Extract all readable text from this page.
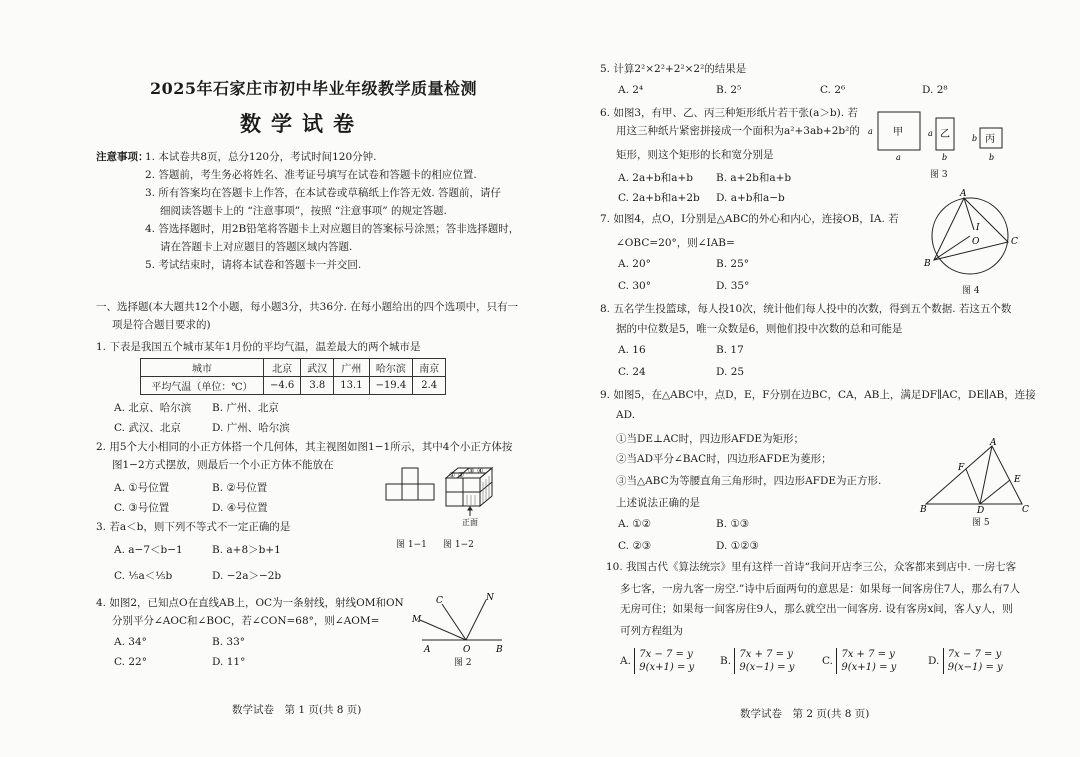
2025年石家庄市初中毕业年级教学质量检测
数学试卷
注意事项：
1. 本试卷共8页，总分120分，考试时间120分钟.
2. 答题前，考生务必将姓名、准考证号填写在试卷和答题卡的相应位置.
3. 所有答案均在答题卡上作答，在本试卷或草稿纸上作答无效. 答题前，请仔
细阅读答题卡上的 “注意事项”，按照 “注意事项” 的规定答题.
4. 答选择题时，用2B铅笔将答题卡上对应题目的答案标号涂黑；答非选择题时，
请在答题卡上对应题目的答题区域内答题.
5. 考试结束时，请将本试卷和答题卡一并交回.
一、选择题(本大题共12个小题，每小题3分，共36分. 在每小题给出的四个选项中，只有一
项是符合题目要求的)
1. 下表是我国五个城市某年1月份的平均气温，温差最大的两个城市是
城市	北京	武汉	广州	哈尔滨	南京
平均气温（单位：℃）	−4.6	3.8	13.1	−19.4	2.4
A. 北京、哈尔滨 B. 广州、北京
C. 武汉、北京	D. 广州、哈尔滨
2. 用5个大小相同的小正方体搭一个几何体，其主视图如图1−1所示，其中4个小正方体按
图1−2方式摆放，则最后一个小正方体不能放在
A. ①号位置	B. ②号位置
C. ③号位置	D. ④号位置
① ② ③ ④
正面
图 1−1 图 1−2
3. 若a＜b，则下列不等式不一定正确的是
A. a−7＜b−1	B. a+8＞b+1
C. ⅕a＜⅕b	D. −2a＞−2b
4. 如图2，已知点O在直线AB上，OC为一条射线，射线OM和ON
分别平分∠AOC和∠BOC，若∠CON=68°，则∠AOM=
A. 34°	B. 33°
C. 22°	D. 11°
C	N
M
A	O	B
图 2
数学试卷　第 1 页(共 8 页)
5. 计算2²×2²+2²×2²的结果是
A. 2⁴	B. 2⁵	C. 2⁶	D. 2⁸
6. 如图3，有甲、乙、丙三种矩形纸片若干张(a＞b). 若
用这三种纸片紧密拼接成一个面积为a²+3ab+2b²的
矩形，则这个矩形的长和宽分别是
A. 2a+b和a+b B. a+2b和a+b
C. 2a+b和a+2b D. a+b和a−b
甲	乙	丙
a
a
a
b
b
b
图 3
7. 如图4，点O，I分别是△ABC的外心和内心，连接OB，IA. 若
∠OBC=20°，则∠IAB=
A. 20°	B. 25°
C. 30°	D. 35°
A
I
O
B
C
图 4
8. 五名学生投篮球，每人投10次，统计他们每人投中的次数，得到五个数据. 若这五个数
据的中位数是5，唯一众数是6，则他们投中次数的总和可能是
A. 16	B. 17
C. 24	D. 25
9. 如图5，在△ABC中，点D，E，F分别在边BC，CA，AB上，满足DF∥AC，DE∥AB，连接
AD.
①当DE⊥AC时，四边形AFDE为矩形；
②当AD平分∠BAC时，四边形AFDE为菱形；
③当△ABC为等腰直角三角形时，四边形AFDE为正方形.
上述说法正确的是
A. ①②	B. ①③
C. ②③	D. ①②③
A
F
E
B	D	C
图 5
10. 我国古代《算法统宗》里有这样一首诗“我问开店李三公，众客都来到店中. 一房七客
多七客，一房九客一房空.”诗中后面两句的意思是：如果每一间客房住7人，那么有7人
无房可住；如果每一间客房住9人，那么就空出一间客房. 设有客房x间，客人y人，则
可列方程组为
A. 7x − 7 = y
9(x+1) = y
B. 7x + 7 = y
9(x−1) = y
C. 7x + 7 = y
9(x+1) = y
D. 7x − 7 = y
9(x−1) = y
数学试卷　第 2 页(共 8 页)
